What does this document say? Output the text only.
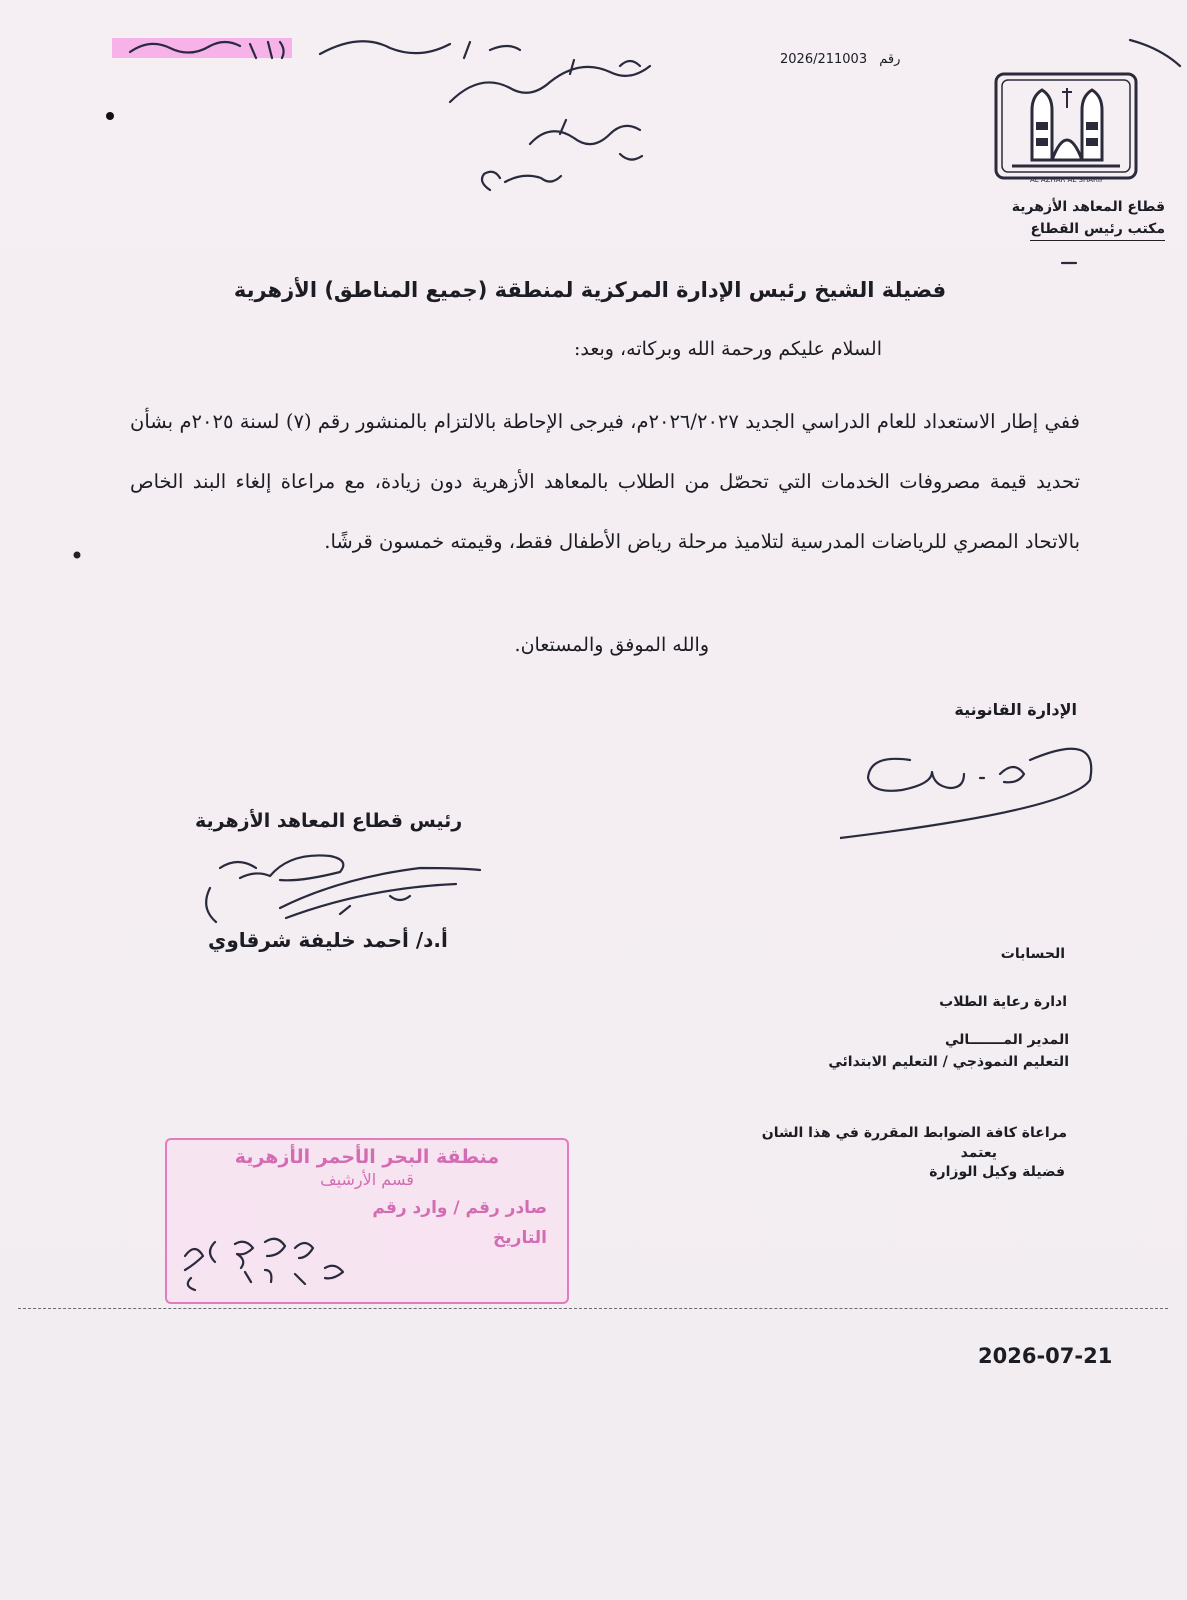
2026/211003 رقم
AL AZHAR AL SHARIF
قطاع المعاهد الأزهرية
مكتب رئيس القطاع
فضيلة الشيخ رئيس الإدارة المركزية لمنطقة (جميع المناطق) الأزهرية
السلام عليكم ورحمة الله وبركاته، وبعد:
ففي إطار الاستعداد للعام الدراسي الجديد ٢٠٢٦/٢٠٢٧م، فيرجى الإحاطة بالالتزام بالمنشور رقم (٧) لسنة ٢٠٢٥م بشأن تحديد قيمة مصروفات الخدمات التي تحصّل من الطلاب بالمعاهد الأزهرية دون زيادة، مع مراعاة إلغاء البند الخاص بالاتحاد المصري للرياضات المدرسية لتلاميذ مرحلة رياض الأطفال فقط، وقيمته خمسون قرشًا.
والله الموفق والمستعان.
الإدارة القانونية
رئيس قطاع المعاهد الأزهرية
أ.د/ أحمد خليفة شرقاوي
الحسابات
ادارة رعاية الطلاب
المدير المـــــــالي
التعليم النموذجي / التعليم الابتدائي
مراعاة كافة الضوابط المقررة في هذا الشان
يعتمد
فضيلة وكيل الوزارة
منطقة البحر الأحمر الأزهرية
قسم الأرشيف
صادر رقم / وارد رقم
التاريخ
2026-07-21
